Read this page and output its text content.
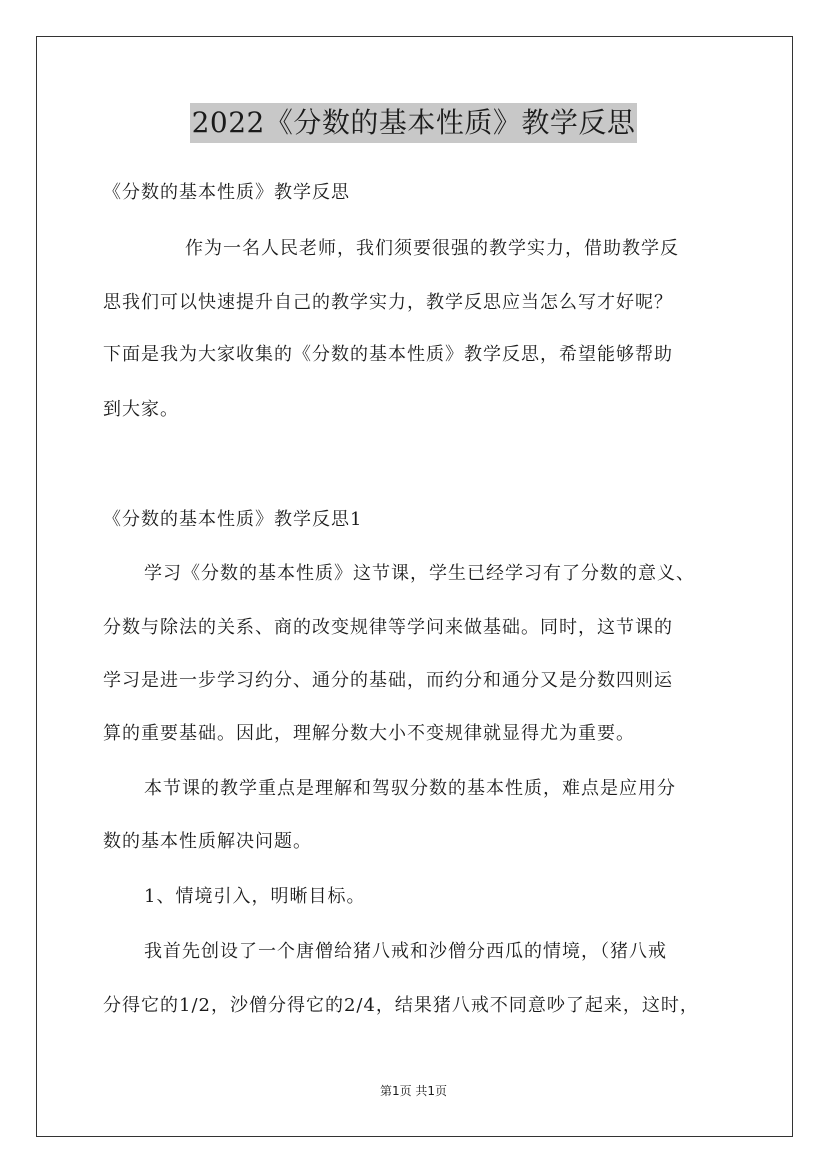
2022《分数的基本性质》教学反思
《分数的基本性质》教学反思
作为一名人民老师，我们须要很强的教学实力，借助教学反
思我们可以快速提升自己的教学实力，教学反思应当怎么写才好呢？
下面是我为大家收集的《分数的基本性质》教学反思，希望能够帮助
到大家。
《分数的基本性质》教学反思1
学习《分数的基本性质》这节课，学生已经学习有了分数的意义、
分数与除法的关系、商的改变规律等学问来做基础。同时，这节课的
学习是进一步学习约分、通分的基础，而约分和通分又是分数四则运
算的重要基础。因此，理解分数大小不变规律就显得尤为重要。
本节课的教学重点是理解和驾驭分数的基本性质，难点是应用分
数的基本性质解决问题。
1、情境引入，明晰目标。
我首先创设了一个唐僧给猪八戒和沙僧分西瓜的情境，（猪八戒
分得它的1/2，沙僧分得它的2/4，结果猪八戒不同意吵了起来，这时，
第1页 共1页
